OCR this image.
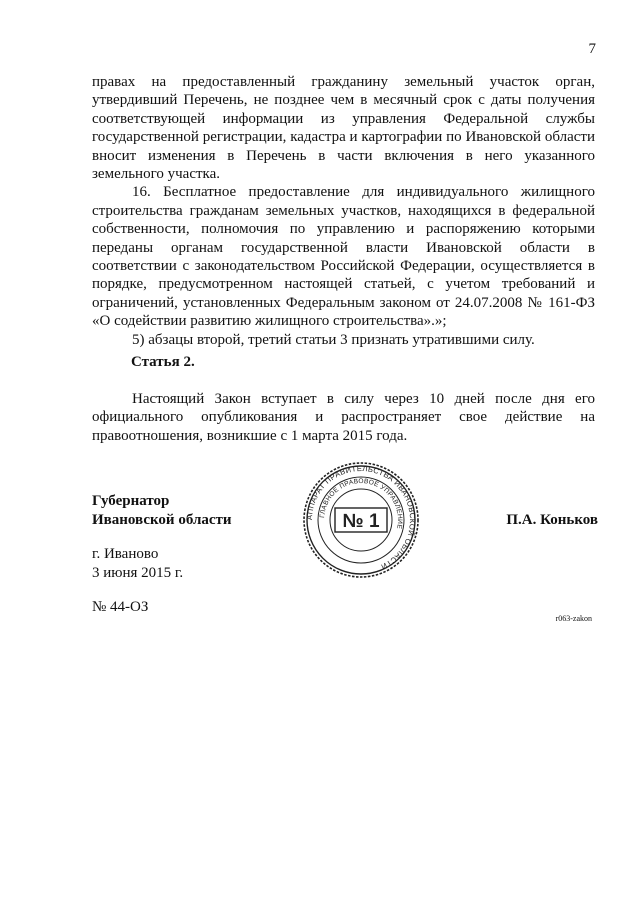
7

правах на предоставленный гражданину земельный участок орган, утвердивший Перечень, не позднее чем в месячный срок с даты получения соответствующей информации из управления Федеральной службы государственной регистрации, кадастра и картографии по Ивановской области вносит изменения в Перечень в части включения в него указанного земельного участка.

16. Бесплатное предоставление для индивидуального жилищного строительства гражданам земельных участков, находящихся в федеральной собственности, полномочия по управлению и распоряжению которыми переданы органам государственной власти Ивановской области в соответствии с законодательством Российской Федерации, осуществляется в порядке, предусмотренном настоящей статьей, с учетом требований и ограничений, установленных Федеральным законом от 24.07.2008 № 161-ФЗ «О содействии развитию жилищного строительства».»;

5) абзацы второй, третий статьи 3 признать утратившими силу.

Статья 2.

Настоящий Закон вступает в силу через 10 дней после дня его официального опубликования и распространяет свое действие на правоотношения, возникшие с 1 марта 2015 года.

Губернатор
Ивановской области	АППАРАТ ПРАВИТЕЛЬСТВА ИВАНОВСКОЙ ОБЛАСТИ
ГЛАВНОЕ ПРАВОВОЕ УПРАВЛЕНИЕ
№ 1	П.А. Коньков
г. Иваново
3 июня 2015 г.
№ 44-ОЗ
r063-zakon
